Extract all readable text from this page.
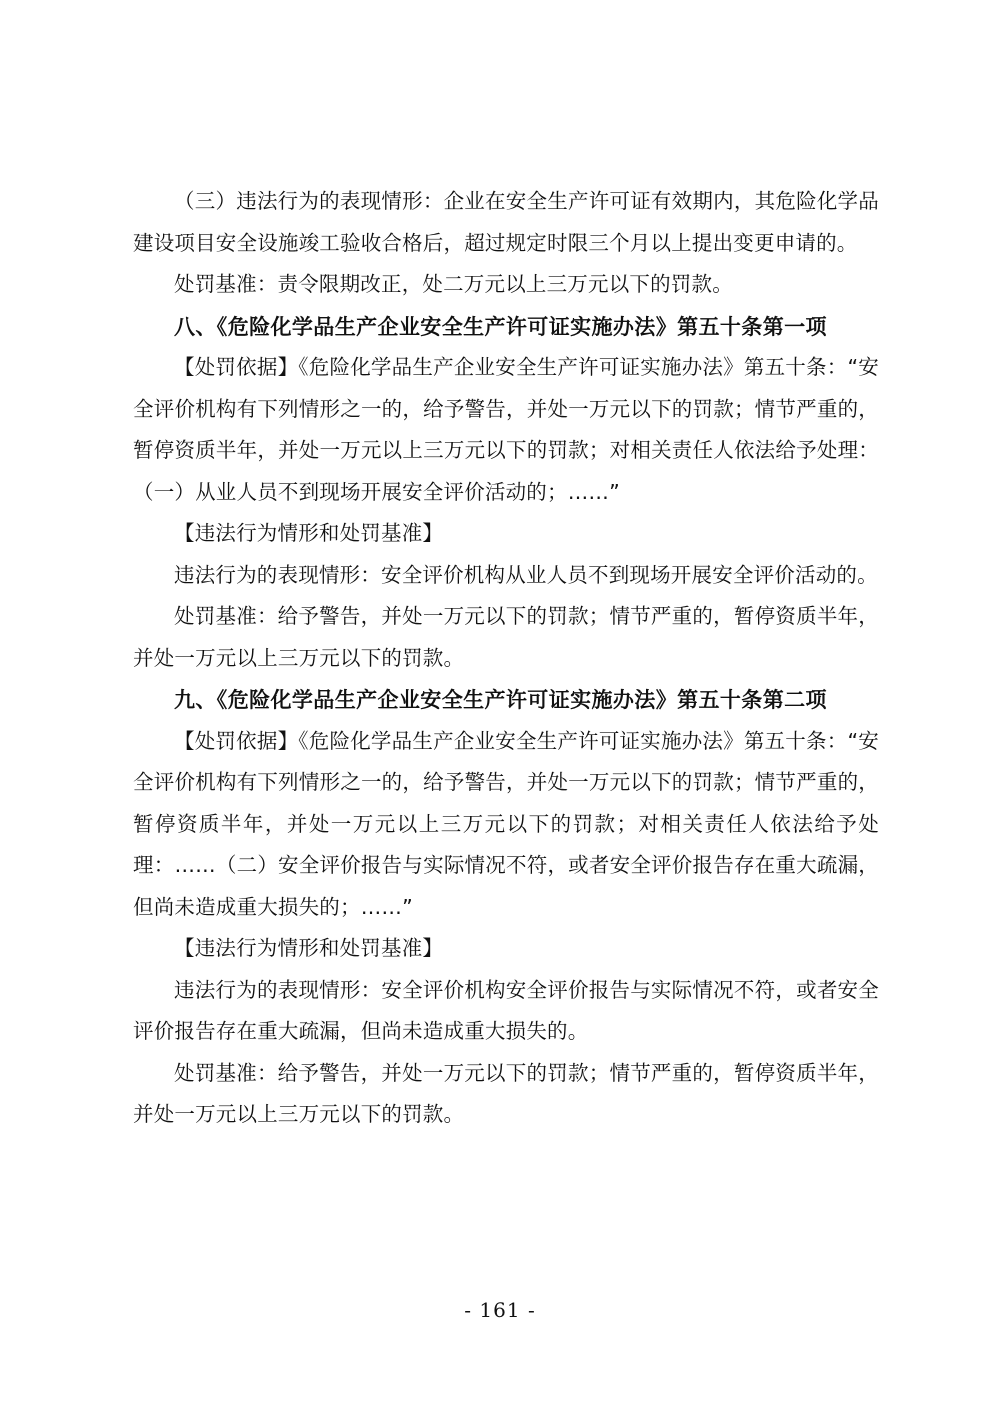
（三）违法行为的表现情形：企业在安全生产许可证有效期内，其危险化学品建设项目安全设施竣工验收合格后，超过规定时限三个月以上提出变更申请的。

处罚基准：责令限期改正，处二万元以上三万元以下的罚款。

八、《危险化学品生产企业安全生产许可证实施办法》第五十条第一项

【处罚依据】《危险化学品生产企业安全生产许可证实施办法》第五十条：“安全评价机构有下列情形之一的，给予警告，并处一万元以下的罚款；情节严重的，暂停资质半年，并处一万元以上三万元以下的罚款；对相关责任人依法给予处理：（一）从业人员不到现场开展安全评价活动的；……”

【违法行为情形和处罚基准】

违法行为的表现情形：安全评价机构从业人员不到现场开展安全评价活动的。

处罚基准：给予警告，并处一万元以下的罚款；情节严重的，暂停资质半年，并处一万元以上三万元以下的罚款。

九、《危险化学品生产企业安全生产许可证实施办法》第五十条第二项

【处罚依据】《危险化学品生产企业安全生产许可证实施办法》第五十条：“安全评价机构有下列情形之一的，给予警告，并处一万元以下的罚款；情节严重的，暂停资质半年，并处一万元以上三万元以下的罚款；对相关责任人依法给予处理：……（二）安全评价报告与实际情况不符，或者安全评价报告存在重大疏漏，但尚未造成重大损失的；……”

【违法行为情形和处罚基准】

违法行为的表现情形：安全评价机构安全评价报告与实际情况不符，或者安全评价报告存在重大疏漏，但尚未造成重大损失的。

处罚基准：给予警告，并处一万元以下的罚款；情节严重的，暂停资质半年，并处一万元以上三万元以下的罚款。

- 161 -
